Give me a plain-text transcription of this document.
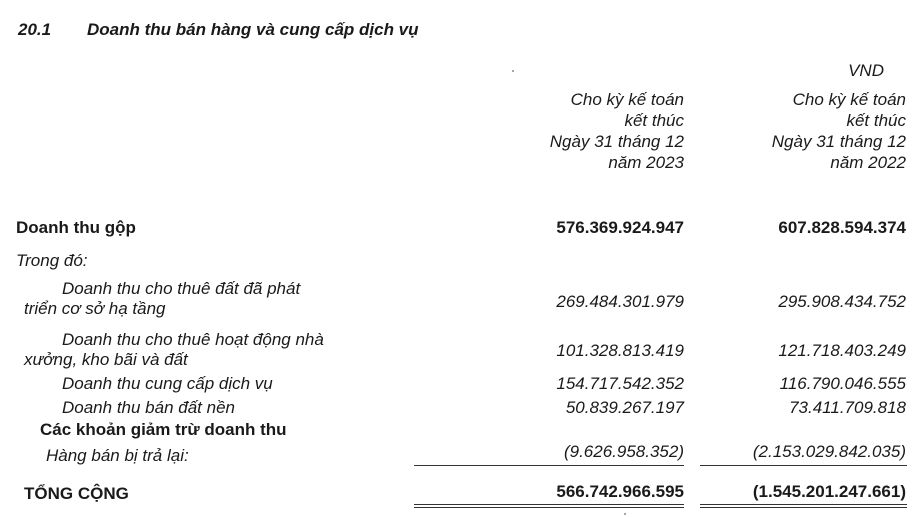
20.1 Doanh thu bán hàng và cung cấp dịch vụ
VND
Cho kỳ kế toán
kết thúc
Ngày 31 tháng 12
năm 2023
Cho kỳ kế toán
kết thúc
Ngày 31 tháng 12
năm 2022
Doanh thu gộp	576.369.924.947	607.828.594.374
Trong đó:
Doanh thu cho thuê đất đã phát
triển cơ sở hạ tầng	269.484.301.979	295.908.434.752
Doanh thu cho thuê hoạt động nhà
xưởng, kho bãi và đất	101.328.813.419	121.718.403.249
Doanh thu cung cấp dịch vụ	154.717.542.352	116.790.046.555
Doanh thu bán đất nền	50.839.267.197	73.411.709.818
Các khoản giảm trừ doanh thu
Hàng bán bị trả lại:	(9.626.958.352)	(2.153.029.842.035)
TỔNG CỘNG	566.742.966.595	(1.545.201.247.661)
